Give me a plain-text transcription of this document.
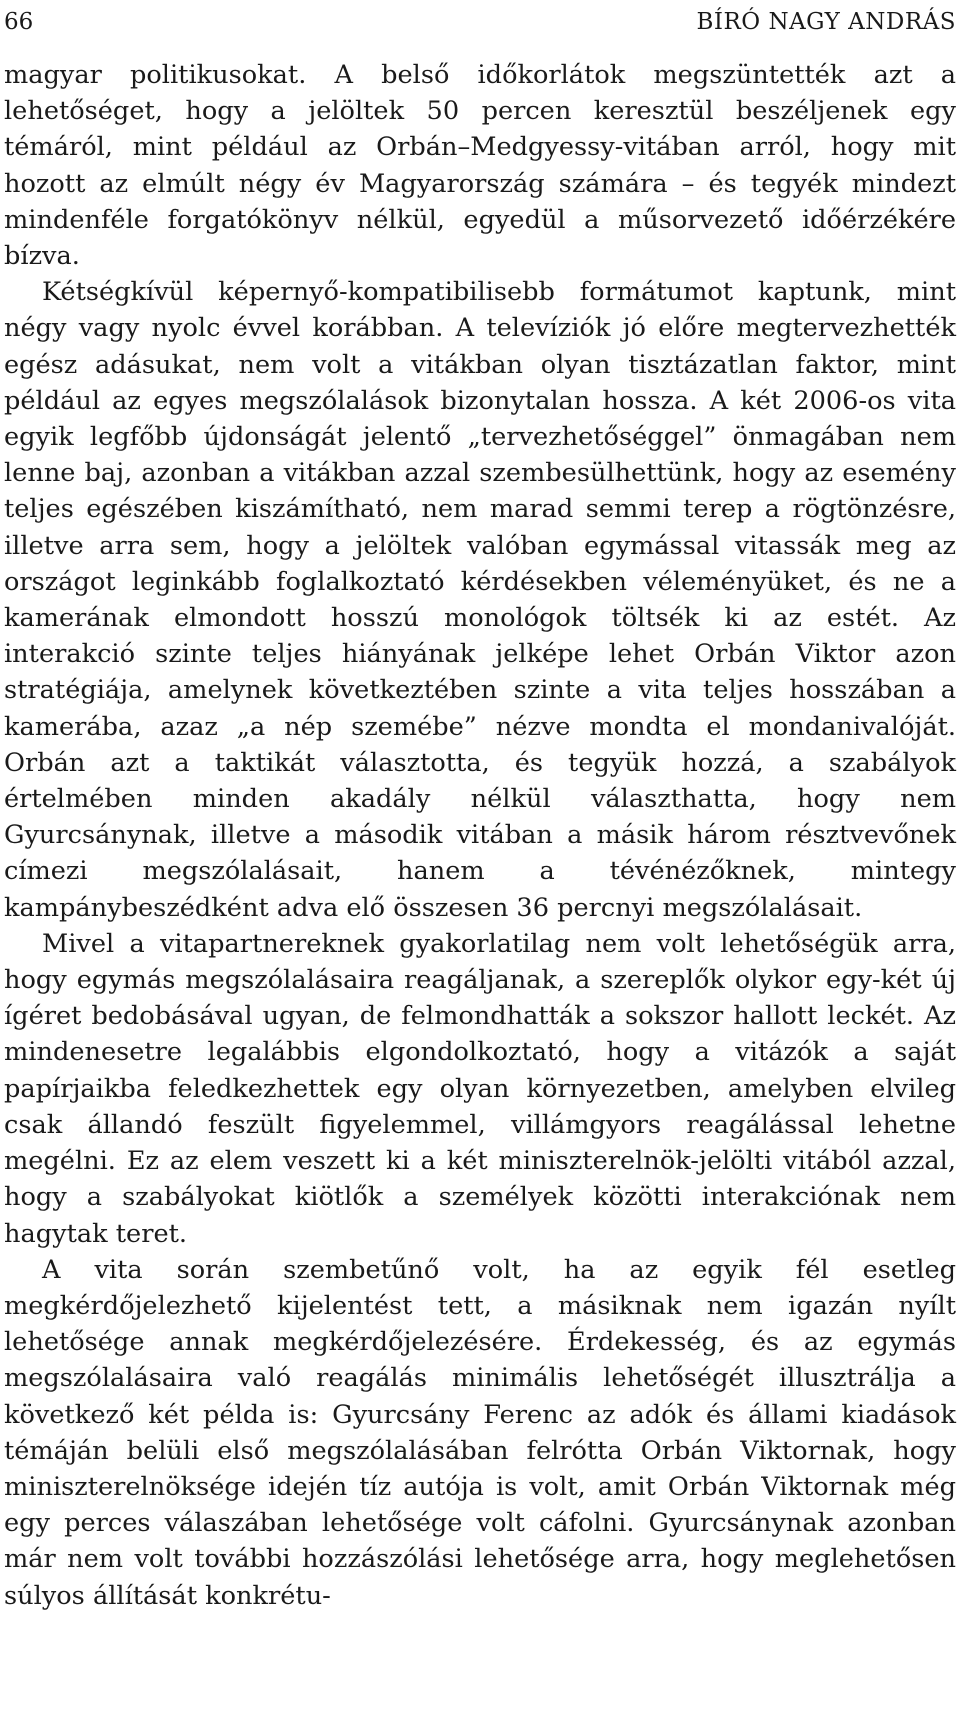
66	BÍRÓ NAGY ANDRÁS

magyar politikusokat. A belső időkorlátok megszüntették azt a lehetőséget, hogy a jelöltek 50 percen keresztül beszéljenek egy témáról, mint például az Orbán–Medgyessy-vitában arról, hogy mit hozott az elmúlt négy év Magyarország számára – és tegyék mindezt mindenféle forgatókönyv nélkül, egyedül a műsorvezető időérzékére bízva.

Kétségkívül képernyő-kompatibilisebb formátumot kaptunk, mint négy vagy nyolc évvel korábban. A televíziók jó előre megtervezhették egész adásukat, nem volt a vitákban olyan tisztázatlan faktor, mint például az egyes megszólalások bizonytalan hossza. A két 2006-os vita egyik legfőbb újdonságát jelentő „tervezhetőséggel” önmagában nem lenne baj, azonban a vitákban azzal szembesülhettünk, hogy az esemény teljes egészében kiszámítható, nem marad semmi terep a rögtönzésre, illetve arra sem, hogy a jelöltek valóban egymással vitassák meg az országot leginkább foglalkoztató kérdésekben véleményüket, és ne a kamerának elmondott hosszú monológok töltsék ki az estét. Az interakció szinte teljes hiányának jelképe lehet Orbán Viktor azon stratégiája, amelynek következtében szinte a vita teljes hosszában a kamerába, azaz „a nép szemébe” nézve mondta el mondanivalóját. Orbán azt a taktikát választotta, és tegyük hozzá, a szabályok értelmében minden akadály nélkül választhatta, hogy nem Gyurcsánynak, illetve a második vitában a másik három résztvevőnek címezi megszólalásait, hanem a tévénézőknek, mintegy kampánybeszédként adva elő összesen 36 percnyi megszólalásait.

Mivel a vitapartnereknek gyakorlatilag nem volt lehetőségük arra, hogy egymás megszólalásaira reagáljanak, a szereplők olykor egy-két új ígéret bedobásával ugyan, de felmondhatták a sokszor hallott leckét. Az mindenesetre legalábbis elgondolkoztató, hogy a vitázók a saját papírjaikba feledkezhettek egy olyan környezetben, amelyben elvileg csak állandó feszült figyelemmel, villámgyors reagálással lehetne megélni. Ez az elem veszett ki a két miniszterelnök-jelölti vitából azzal, hogy a szabályokat kiötlők a személyek közötti interakciónak nem hagytak teret.

A vita során szembetűnő volt, ha az egyik fél esetleg megkérdőjelezhető kijelentést tett, a másiknak nem igazán nyílt lehetősége annak megkérdőjelezésére. Érdekesség, és az egymás megszólalásaira való reagálás minimális lehetőségét illusztrálja a következő két példa is: Gyurcsány Ferenc az adók és állami kiadások témáján belüli első megszólalásában felrótta Orbán Viktornak, hogy miniszterelnöksége idején tíz autója is volt, amit Orbán Viktornak még egy perces válaszában lehetősége volt cáfolni. Gyurcsánynak azonban már nem volt további hozzászólási lehetősége arra, hogy meglehetősen súlyos állítását konkrétu-
